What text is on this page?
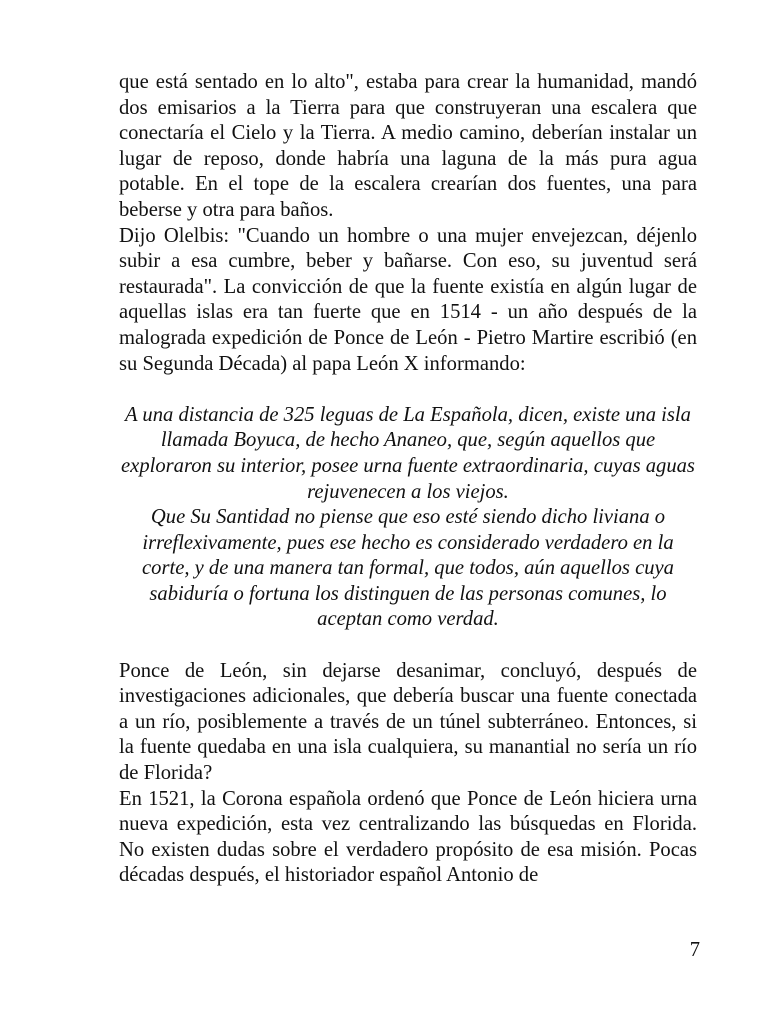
que está sentado en lo alto", estaba para crear la humanidad, mandó dos emisarios a la Tierra para que construyeran una escalera que conectaría el Cielo y la Tierra. A medio camino, deberían instalar un lugar de reposo, donde habría una laguna de la más pura agua potable. En el tope de la escalera crearían dos fuentes, una para beberse y otra para baños.

Dijo Olelbis: "Cuando un hombre o una mujer envejezcan, déjenlo subir a esa cumbre, beber y bañarse. Con eso, su juventud será restaurada". La convicción de que la fuente existía en algún lugar de aquellas islas era tan fuerte que en 1514 - un año después de la malograda expedición de Ponce de León - Pietro Martire escribió (en su Segunda Década) al papa León X informando:

A una distancia de 325 leguas de La Española, dicen, existe una isla llamada Boyuca, de hecho Ananeo, que, según aquellos que exploraron su interior, posee urna fuente extraordinaria, cuyas aguas rejuvenecen a los viejos.

Que Su Santidad no piense que eso esté siendo dicho liviana o irreflexivamente, pues ese hecho es considerado verdadero en la corte, y de una manera tan formal, que todos, aún aquellos cuya sabiduría o fortuna los distinguen de las personas comunes, lo aceptan como verdad.

Ponce de León, sin dejarse desanimar, concluyó, después de investigaciones adicionales, que debería buscar una fuente conectada a un río, posiblemente a través de un túnel subterráneo. Entonces, si la fuente quedaba en una isla cualquiera, su manantial no sería un río de Florida?

En 1521, la Corona española ordenó que Ponce de León hiciera urna nueva expedición, esta vez centralizando las búsquedas en Florida. No existen dudas sobre el verdadero propósito de esa misión. Pocas décadas después, el historiador español Antonio de

7
